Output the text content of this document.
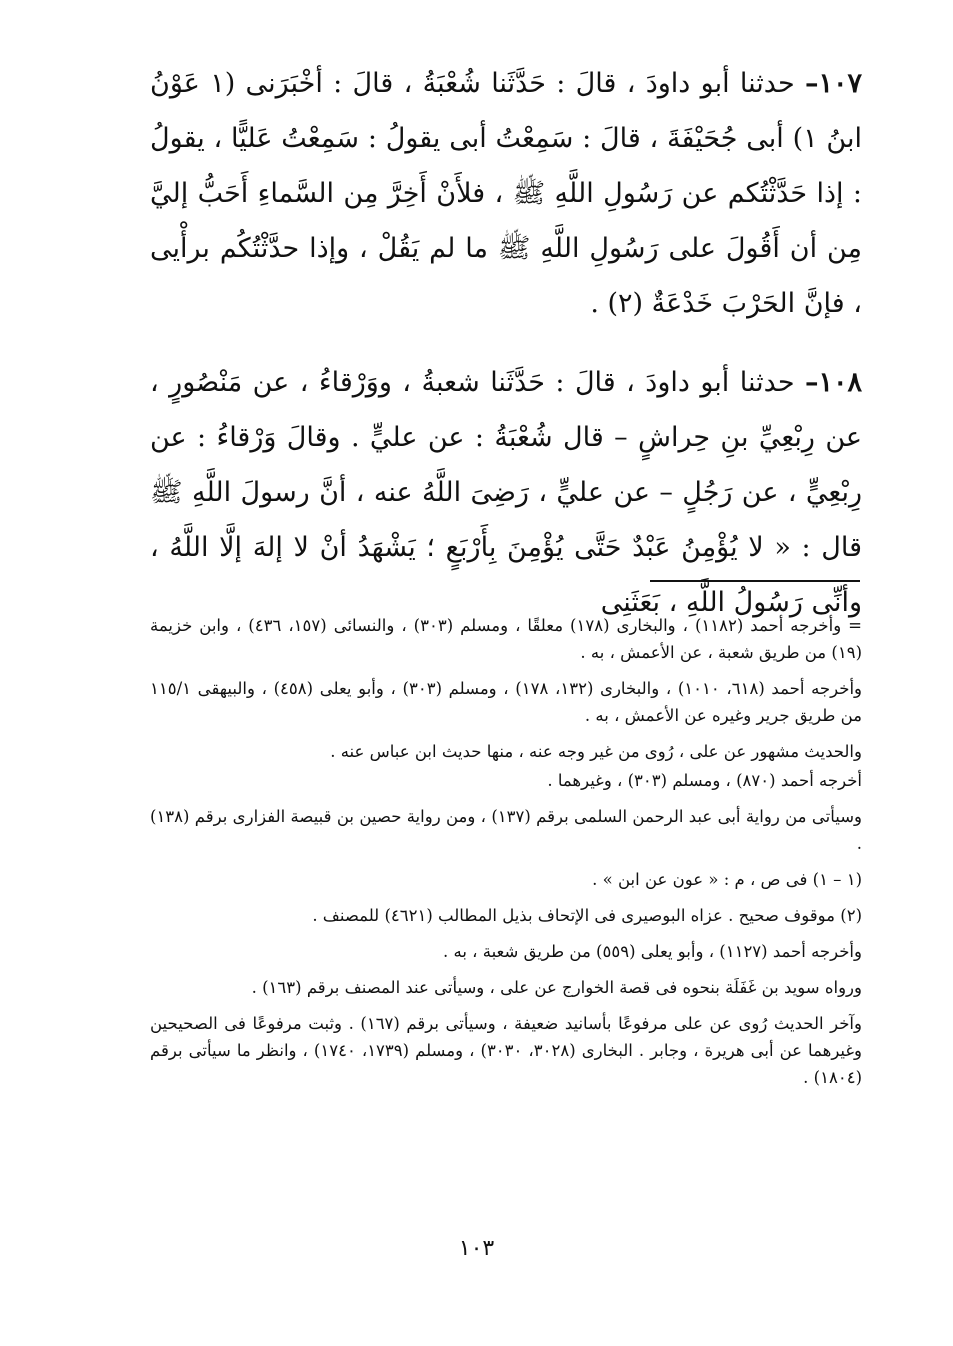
١٠٧– حدثنا أبو داودَ ، قالَ : حَدَّثَنا شُعْبَةُ ، قالَ : أخْبَرَنى (١ عَوْنُ ابنُ ١) أبى جُحَيْفَةَ ، قالَ : سَمِعْتُ أبى يقولُ : سَمِعْتُ عَليًّا ، يقولُ : إذا حَدَّثْتُكم عن رَسُولِ اللَّهِ ﷺ ، فلأَنْ أَخِرَّ مِن السَّماءِ أَحَبُّ إليَّ مِن أن أَقُولَ على رَسُولِ اللَّهِ ﷺ ما لم يَقُلْ ، وإذا حدَّثْتُكُم برأْيى ، فإنَّ الحَرْبَ خَدْعَةٌ (٢) .
١٠٨– حدثنا أبو داودَ ، قالَ : حَدَّثَنا شعبةُ ، ووَرْقاءُ ، عن مَنْصُورٍ ، عن رِبْعِيِّ بنِ حِراشٍ – قال شُعْبَةُ : عن عليٍّ . وقالَ وَرْقاءُ : عن رِبْعِيٍّ ، عن رَجُلٍ – عن عليٍّ ، رَضِىَ اللَّهُ عنه ، أنَّ رسولَ اللَّهِ ﷺ قال : « لا يُؤْمِنُ عَبْدٌ حَتَّى يُؤْمِنَ بِأَرْبَعٍ ؛ يَشْهَدُ أنْ لا إلهَ إلَّا اللَّهُ ، وأنِّى رَسُولُ اللَّهِ ، بَعَثَنِى

= وأخرجه أحمد (١١٨٢) ، والبخارى (١٧٨) معلقًا ، ومسلم (٣٠٣) ، والنسائى (١٥٧، ٤٣٦) ، وابن خزيمة (١٩) من طريق شعبة ، عن الأعمش ، به .

وأخرجه أحمد (٦١٨، ١٠١٠) ، والبخارى (١٣٢، ١٧٨) ، ومسلم (٣٠٣) ، وأبو يعلى (٤٥٨) ، والبيهقى ١١٥/١ من طريق جرير وغيره عن الأعمش ، به .

والحديث مشهور عن على ، رُوى من غير وجه عنه ، منها حديث ابن عباس عنه .

أخرجه أحمد (٨٧٠) ، ومسلم (٣٠٣) ، وغيرهما .

وسيأتى من رواية أبى عبد الرحمن السلمى برقم (١٣٧) ، ومن رواية حصين بن قبيصة الفزارى برقم (١٣٨) .

(١ – ١) فى ص ، م : « عون عن ابن » .

(٢) موقوف صحيح . عزاه البوصيرى فى الإتحاف بذيل المطالب (٤٦٢١) للمصنف .

وأخرجه أحمد (١١٢٧) ، وأبو يعلى (٥٥٩) من طريق شعبة ، به .

ورواه سويد بن غَفَلَة بنحوه فى قصة الخوارج عن على ، وسيأتى عند المصنف برقم (١٦٣) .

وآخر الحديث رُوى عن على مرفوعًا بأسانيد ضعيفة ، وسيأتى برقم (١٦٧) . وثبت مرفوعًا فى الصحيحين وغيرهما عن أبى هريرة ، وجابر . البخارى (٣٠٢٨، ٣٠٣٠) ، ومسلم (١٧٣٩، ١٧٤٠) ، وانظر ما سيأتى برقم (١٨٠٤) .

١٠٣
